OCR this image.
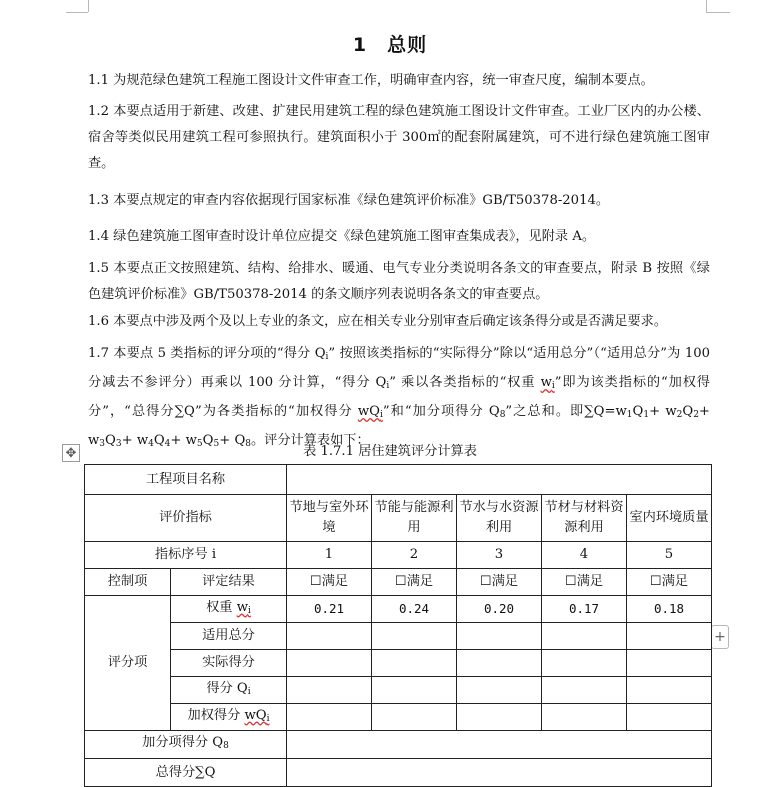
1　总则
1.1 为规范绿色建筑工程施工图设计文件审查工作，明确审查内容，统一审查尺度，编制本要点。
1.2 本要点适用于新建、改建、扩建民用建筑工程的绿色建筑施工图设计文件审查。工业厂区内的办公楼、宿舍等类似民用建筑工程可参照执行。建筑面积小于 300㎡的配套附属建筑，可不进行绿色建筑施工图审查。
1.3 本要点规定的审查内容依据现行国家标准《绿色建筑评价标准》GB/T50378-2014。
1.4 绿色建筑施工图审查时设计单位应提交《绿色建筑施工图审查集成表》，见附录 A。
1.5 本要点正文按照建筑、结构、给排水、暖通、电气专业分类说明各条文的审查要点，附录 B 按照《绿色建筑评价标准》GB/T50378-2014 的条文顺序列表说明各条文的审查要点。
1.6 本要点中涉及两个及以上专业的条文，应在相关专业分别审查后确定该条得分或是否满足要求。
1.7 本要点 5 类指标的评分项的“得分 $Q_i$” 按照该类指标的“实际得分”除以“适用总分”（“适用总分”为 100 分减去不参评分）再乘以 100 分计算，“得分 $Q_i$” 乘以各类指标的“权重 $w_i$”即为该类指标的“加权得分”，“总得分∑Q”为各类指标的“加权得分 $wQ_i$”和“加分项得分 $Q_8$”之总和。即$\sum Q=w_1Q_1+ w_2Q_2+ w_3Q_3+ w_4Q_4+ w_5Q_5+ Q_8$。评分计算表如下：
表 1.7.1 居住建筑评分计算表
✥
+
工程项目名称						
评价指标		节地与室外环境	节能与能源利用	节水与水资源利用	节材与材料资源利用	室内环境质量
指标序号 i		1	2	3	4	5
控制项	评定结果	☐满足	☐满足	☐满足	☐满足	☐满足
评分项	权重 $w_i$	0.21	0.24	0.20	0.17	0.18
	适用总分					
	实际得分					
	得分 $Q_i$					
	加权得分 $wQ_i$					
加分项得分 $Q_8$	
总得分∑Q						
